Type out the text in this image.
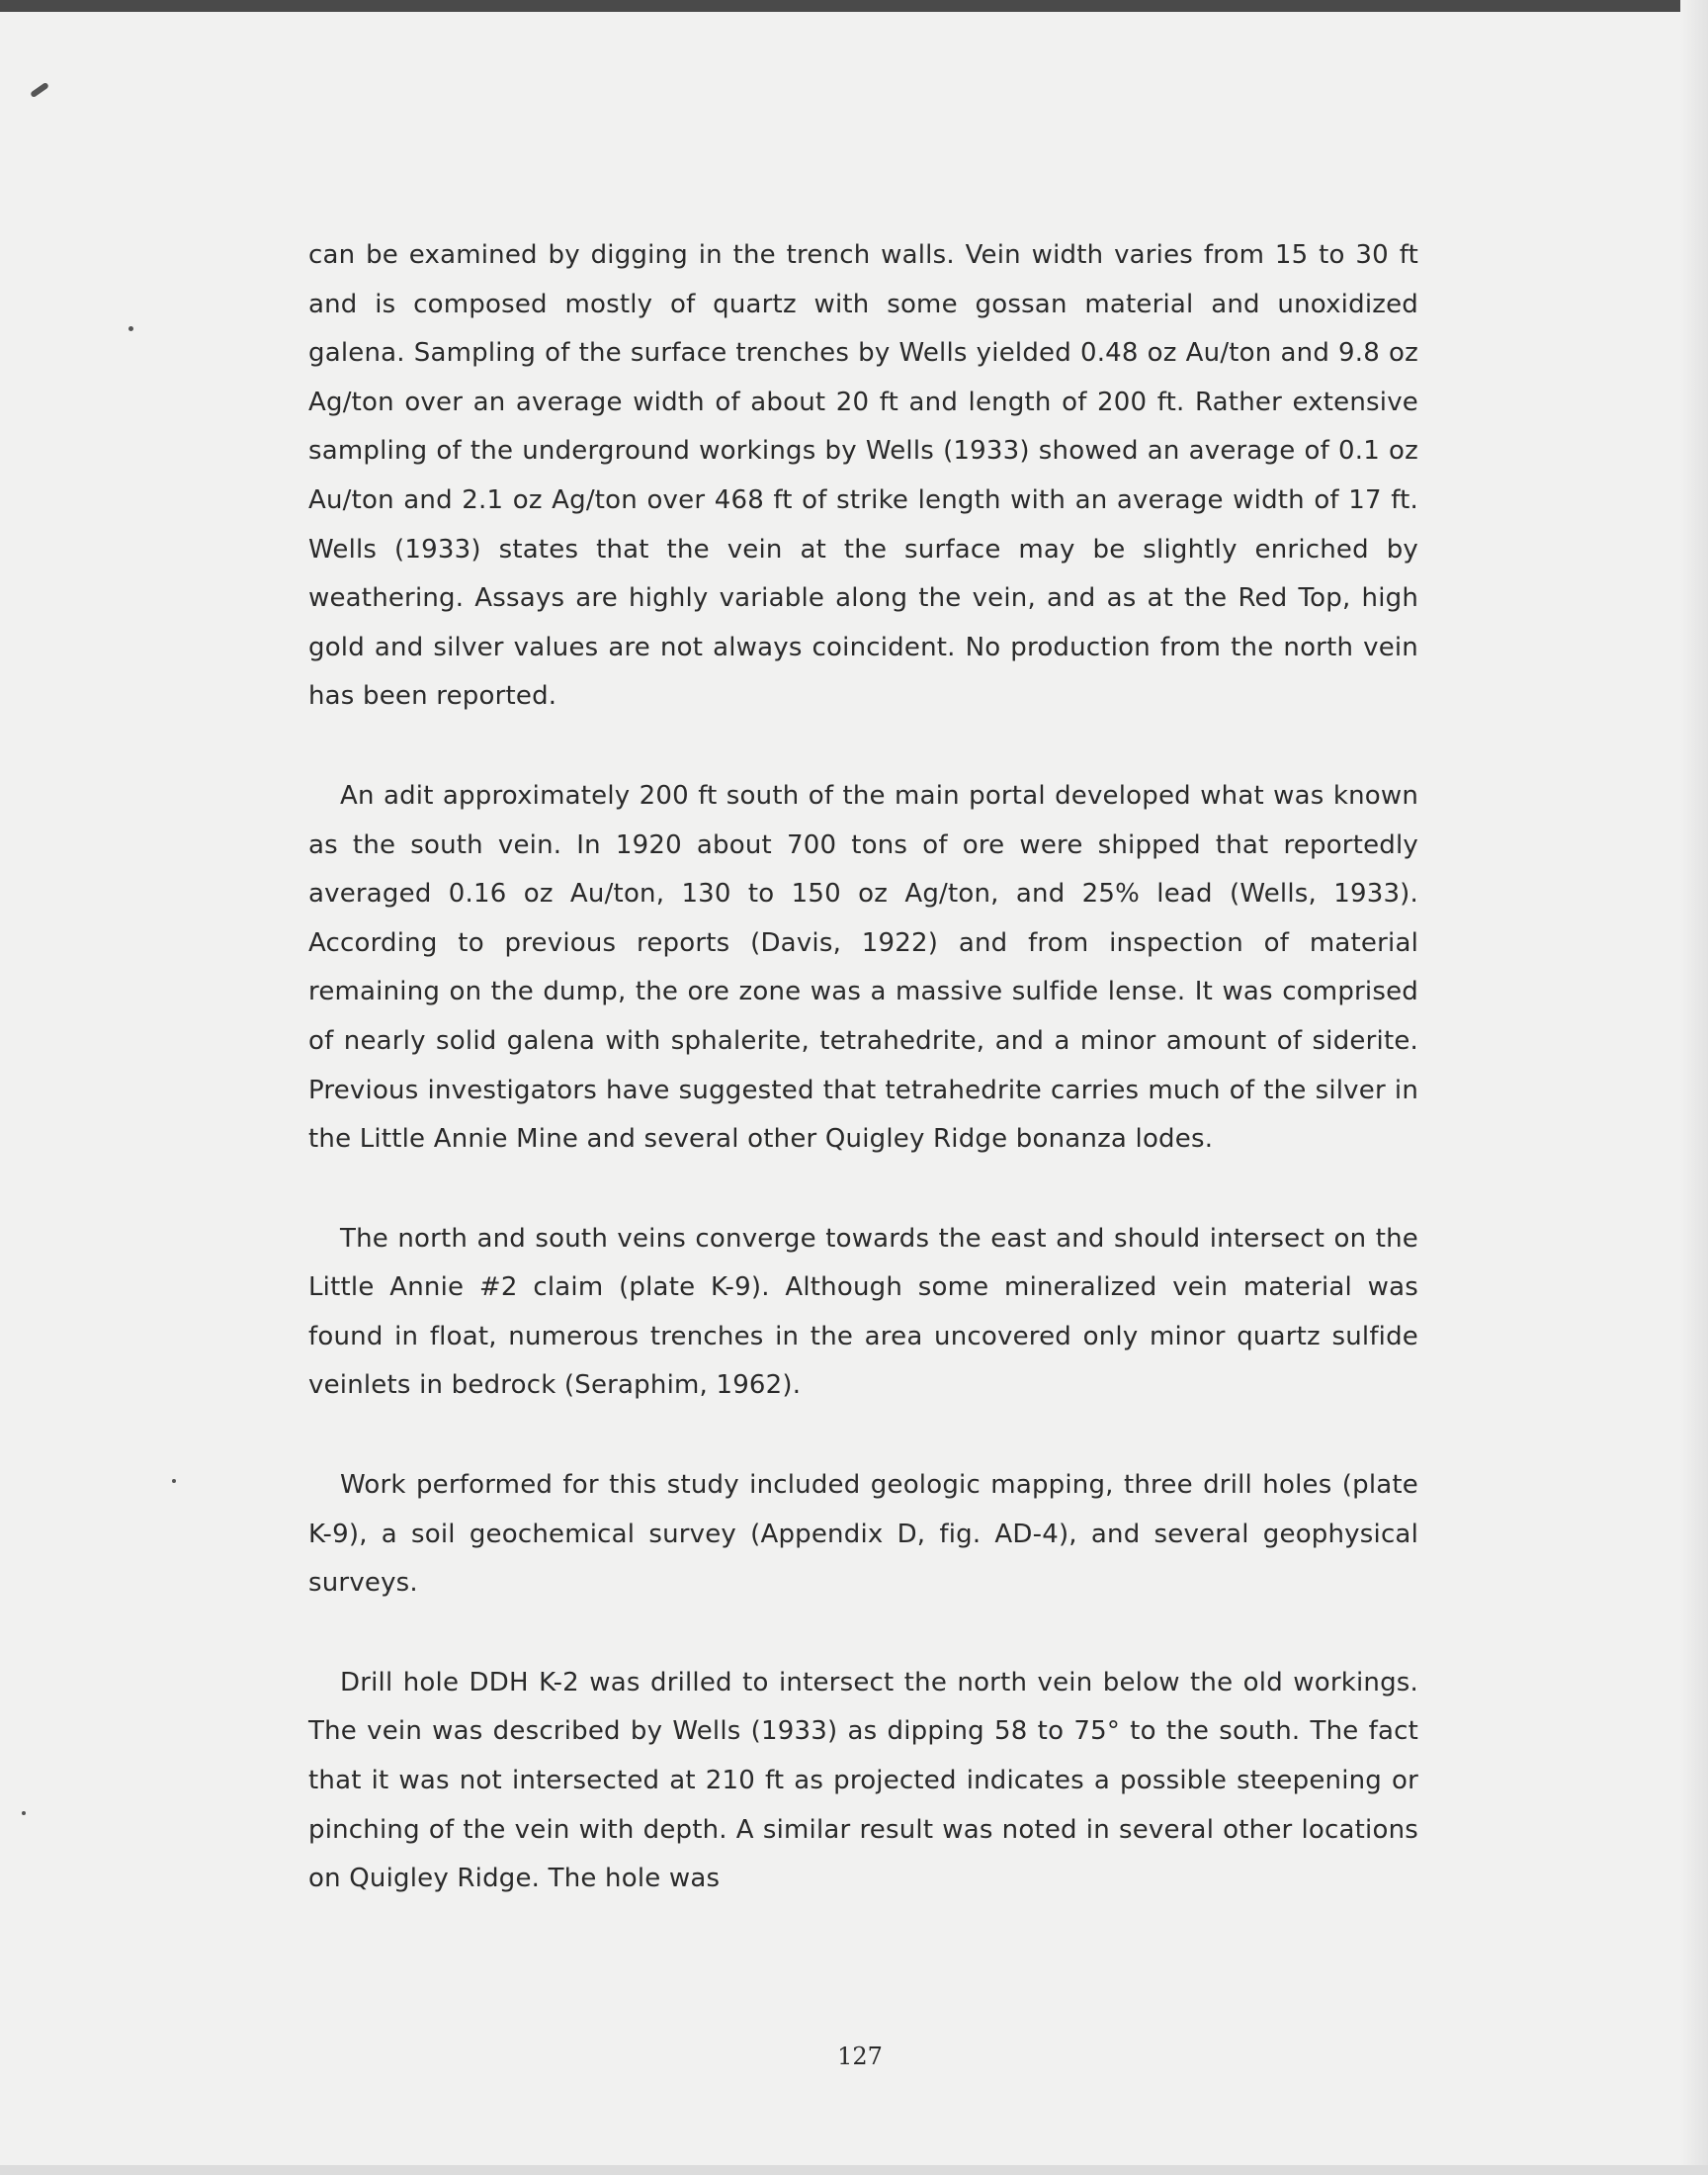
can be examined by digging in the trench walls. Vein width varies from 15 to 30 ft and is composed mostly of quartz with some gossan material and unoxidized galena. Sampling of the surface trenches by Wells yielded 0.48 oz Au/ton and 9.8 oz Ag/ton over an average width of about 20 ft and length of 200 ft. Rather extensive sampling of the underground workings by Wells (1933) showed an average of 0.1 oz Au/ton and 2.1 oz Ag/ton over 468 ft of strike length with an average width of 17 ft. Wells (1933) states that the vein at the surface may be slightly enriched by weathering. Assays are highly variable along the vein, and as at the Red Top, high gold and silver values are not always coincident. No production from the north vein has been reported.

An adit approximately 200 ft south of the main portal developed what was known as the south vein. In 1920 about 700 tons of ore were shipped that reportedly averaged 0.16 oz Au/ton, 130 to 150 oz Ag/ton, and 25% lead (Wells, 1933). According to previous reports (Davis, 1922) and from inspection of material remaining on the dump, the ore zone was a massive sulfide lense. It was comprised of nearly solid galena with sphalerite, tetrahedrite, and a minor amount of siderite. Previous investigators have suggested that tetrahedrite carries much of the silver in the Little Annie Mine and several other Quigley Ridge bonanza lodes.

The north and south veins converge towards the east and should intersect on the Little Annie #2 claim (plate K-9). Although some mineralized vein material was found in float, numerous trenches in the area uncovered only minor quartz sulfide veinlets in bedrock (Seraphim, 1962).

Work performed for this study included geologic mapping, three drill holes (plate K-9), a soil geochemical survey (Appendix D, fig. AD-4), and several geophysical surveys.

Drill hole DDH K-2 was drilled to intersect the north vein below the old workings. The vein was described by Wells (1933) as dipping 58 to 75° to the south. The fact that it was not intersected at 210 ft as projected indicates a possible steepening or pinching of the vein with depth. A similar result was noted in several other locations on Quigley Ridge. The hole was

127
